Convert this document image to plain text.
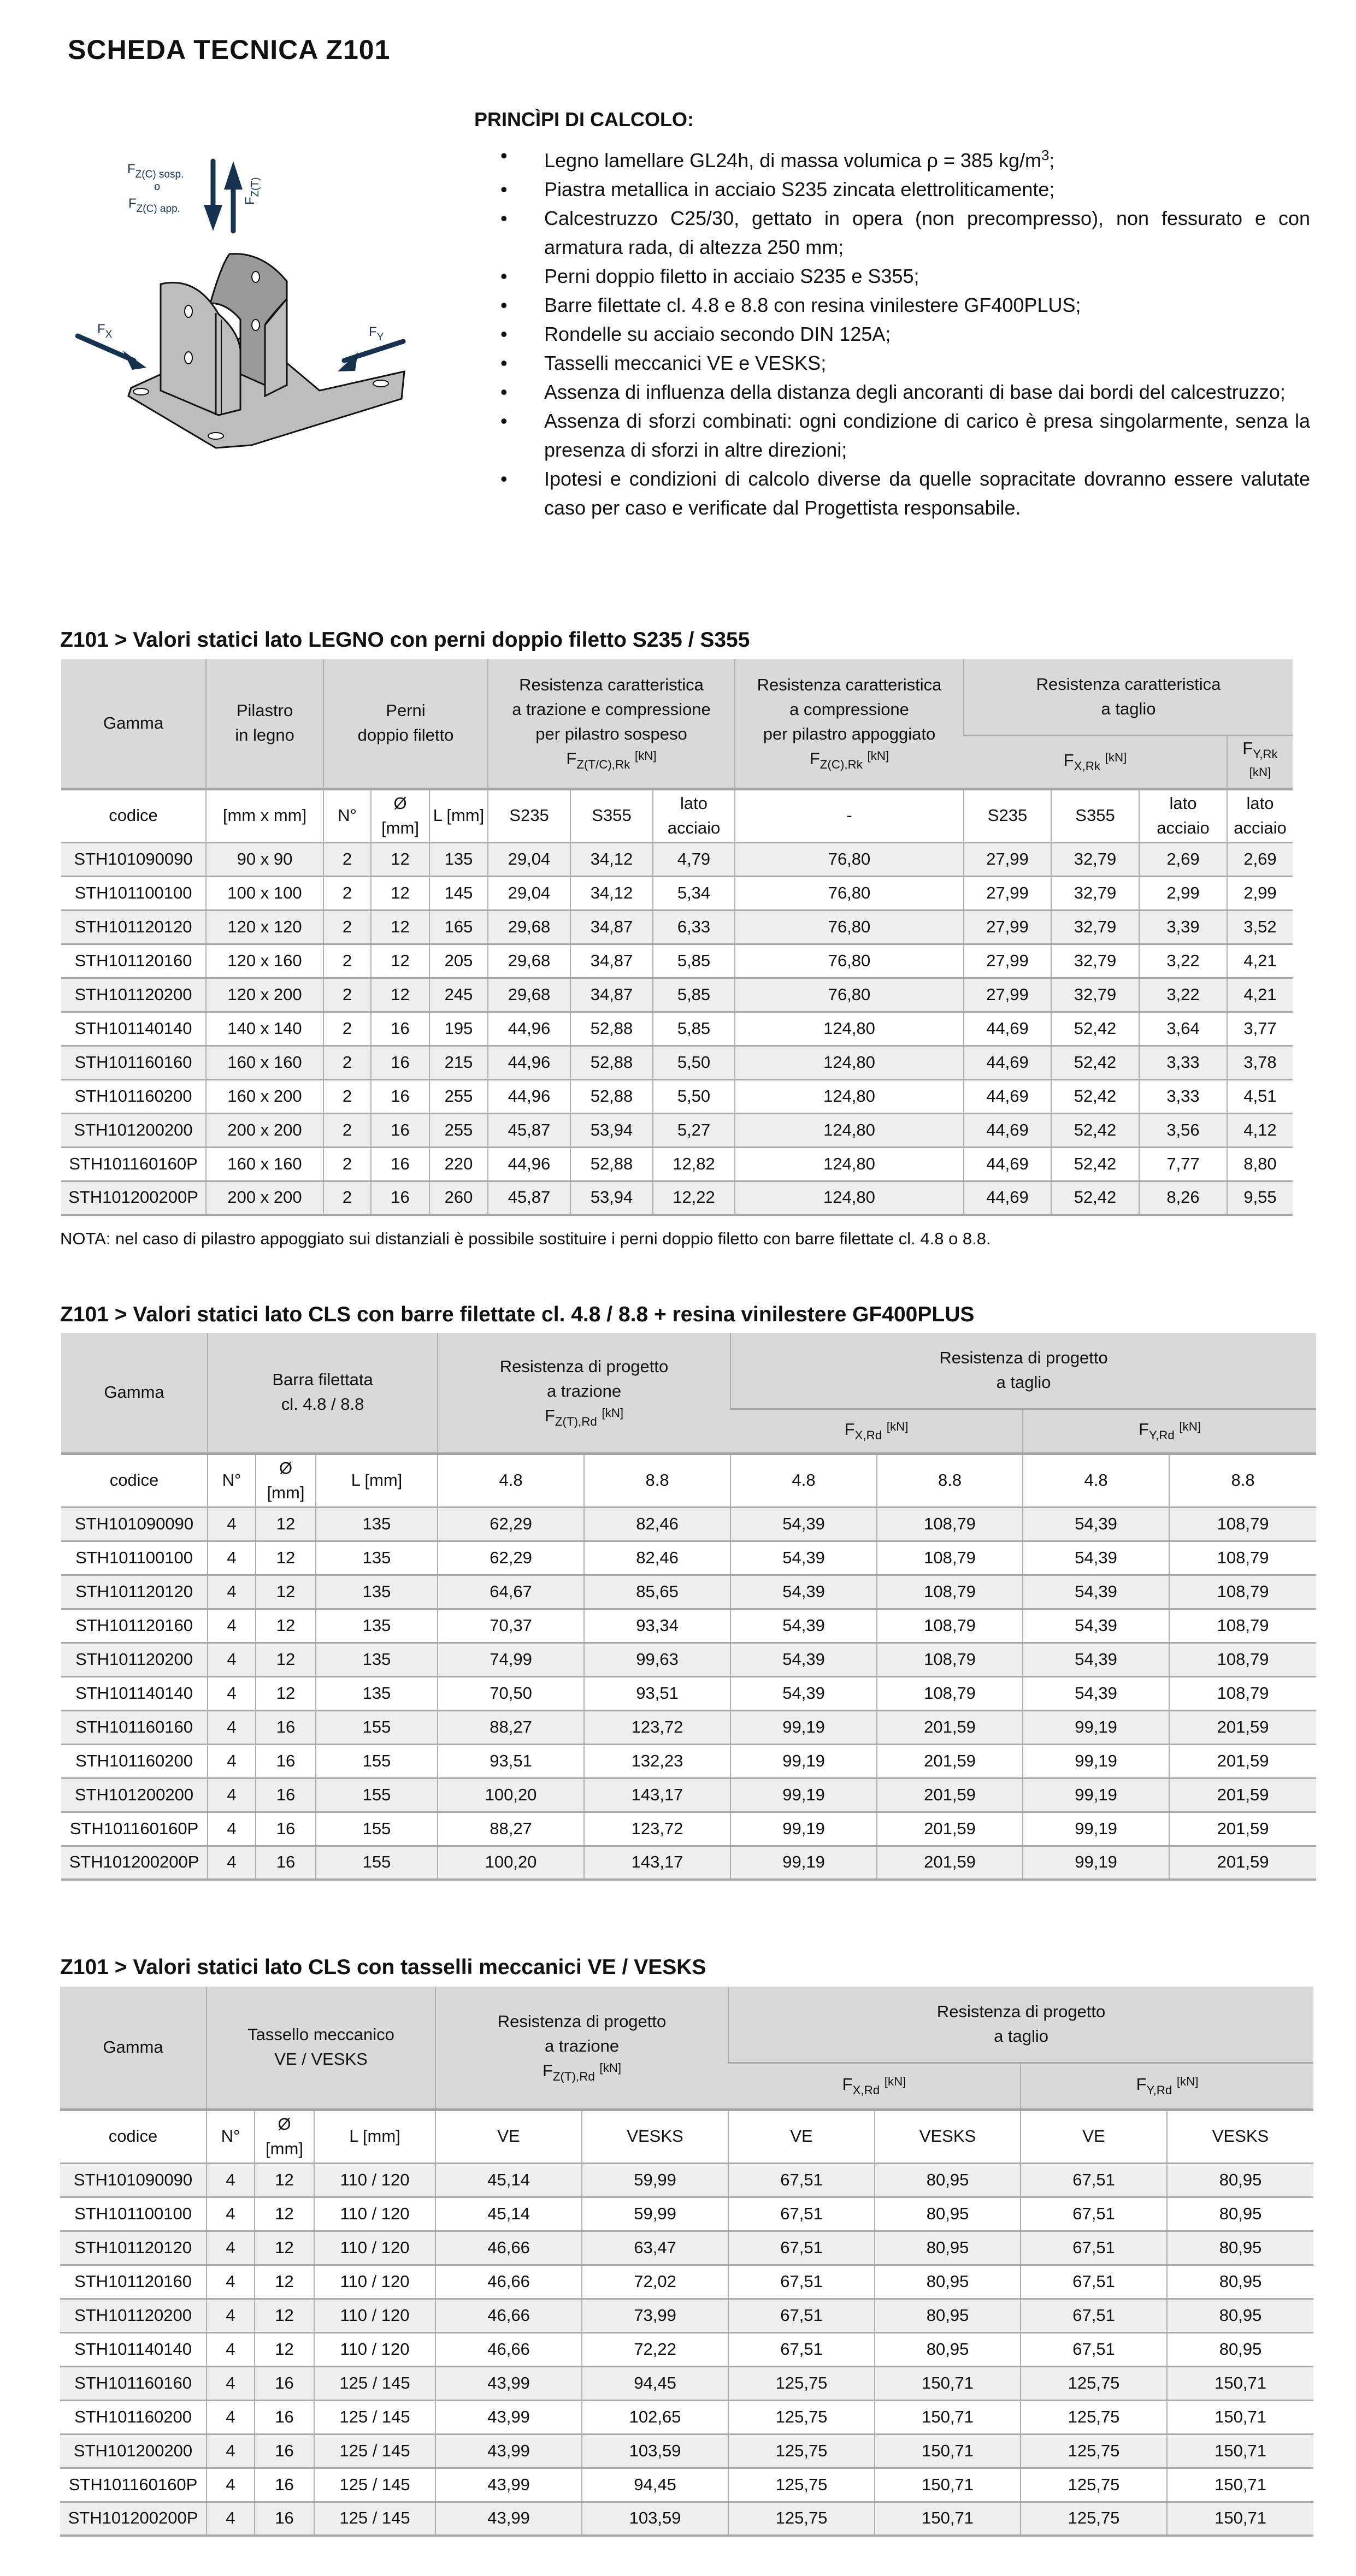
SCHEDA TECNICA Z101
$F_{Z(C) sosp.}$
o
$F_{Z(C) app.}$
$F_{Z(T)}$
$F_X$	$F_Y$
PRINCÌPI DI CALCOLO:
• Legno lamellare GL24h, di massa volumica ρ = 385 $kg/m^3$;
• Piastra metallica in acciaio S235 zincata elettroliticamente;
• Calcestruzzo C25/30, gettato in opera (non precompresso), non fessurato e con armatura rada, di altezza 250 mm;
• Perni doppio filetto in acciaio S235 e S355;
• Barre filettate cl. 4.8 e 8.8 con resina vinilestere GF400PLUS;
• Rondelle su acciaio secondo DIN 125A;
• Tasselli meccanici VE e VESKS;
• Assenza di influenza della distanza degli ancoranti di base dai bordi del calcestruzzo;
• Assenza di sforzi combinati: ogni condizione di carico è presa singolarmente, senza la presenza di sforzi in altre direzioni;
• Ipotesi e condizioni di calcolo diverse da quelle sopracitate dovranno essere valutate caso per caso e verificate dal Progettista responsabile.
Z101 > Valori statici lato LEGNO con perni doppio filetto S235 / S355
Gamma	Pilastro
in legno	Perni
doppio filetto			Resistenza caratteristica
a trazione e compressione
per pilastro sospeso
$F_{Z(T/C),Rk}$ [kN]			Resistenza caratteristica
a compressione
per pilastro appoggiato
$F_{Z(C),Rk}$ [kN]	Resistenza caratteristica
a taglio			
									$F_{X,Rk}$ [kN]			$F_{Y,Rk}$ [kN]
codice	[mm x mm]	N°	Ø [mm]	L [mm]	S235	S355	lato acciaio	-	S235	S355	lato acciaio	lato acciaio
STH101090090	90 x 90	2	12	135	29,04	34,12	4,79	76,80	27,99	32,79	2,69	2,69
STH101100100	100 x 100	2	12	145	29,04	34,12	5,34	76,80	27,99	32,79	2,99	2,99
STH101120120	120 x 120	2	12	165	29,68	34,87	6,33	76,80	27,99	32,79	3,39	3,52
STH101120160	120 x 160	2	12	205	29,68	34,87	5,85	76,80	27,99	32,79	3,22	4,21
STH101120200	120 x 200	2	12	245	29,68	34,87	5,85	76,80	27,99	32,79	3,22	4,21
STH101140140	140 x 140	2	16	195	44,96	52,88	5,85	124,80	44,69	52,42	3,64	3,77
STH101160160	160 x 160	2	16	215	44,96	52,88	5,50	124,80	44,69	52,42	3,33	3,78
STH101160200	160 x 200	2	16	255	44,96	52,88	5,50	124,80	44,69	52,42	3,33	4,51
STH101200200	200 x 200	2	16	255	45,87	53,94	5,27	124,80	44,69	52,42	3,56	4,12
STH101160160P	160 x 160	2	16	220	44,96	52,88	12,82	124,80	44,69	52,42	7,77	8,80
STH101200200P	200 x 200	2	16	260	45,87	53,94	12,22	124,80	44,69	52,42	8,26	9,55
NOTA: nel caso di pilastro appoggiato sui distanziali è possibile sostituire i perni doppio filetto con barre filettate cl. 4.8 o 8.8.
Z101 > Valori statici lato CLS con barre filettate cl. 4.8 / 8.8 + resina vinilestere GF400PLUS
Gamma	Barra filettata
cl. 4.8 / 8.8			Resistenza di progetto
a trazione
$F_{Z(T),Rd}$ [kN]		Resistenza di progetto
a taglio			
						$F_{X,Rd}$ [kN]		$F_{Y,Rd}$ [kN]
codice	N°	Ø [mm]	L [mm]	4.8	8.8	4.8	8.8	4.8	8.8
STH101090090	4	12	135	62,29	82,46	54,39	108,79	54,39	108,79
STH101100100	4	12	135	62,29	82,46	54,39	108,79	54,39	108,79
STH101120120	4	12	135	64,67	85,65	54,39	108,79	54,39	108,79
STH101120160	4	12	135	70,37	93,34	54,39	108,79	54,39	108,79
STH101120200	4	12	135	74,99	99,63	54,39	108,79	54,39	108,79
STH101140140	4	12	135	70,50	93,51	54,39	108,79	54,39	108,79
STH101160160	4	16	155	88,27	123,72	99,19	201,59	99,19	201,59
STH101160200	4	16	155	93,51	132,23	99,19	201,59	99,19	201,59
STH101200200	4	16	155	100,20	143,17	99,19	201,59	99,19	201,59
STH101160160P	4	16	155	88,27	123,72	99,19	201,59	99,19	201,59
STH101200200P	4	16	155	100,20	143,17	99,19	201,59	99,19	201,59
Z101 > Valori statici lato CLS con tasselli meccanici VE / VESKS
Gamma	Tassello meccanico
VE / VESKS			Resistenza di progetto
a trazione
$F_{Z(T),Rd}$ [kN]		Resistenza di progetto
a taglio			
						$F_{X,Rd}$ [kN]		$F_{Y,Rd}$ [kN]
codice	N°	Ø [mm]	L [mm]	VE	VESKS	VE	VESKS	VE	VESKS
STH101090090	4	12	110 / 120	45,14	59,99	67,51	80,95	67,51	80,95
STH101100100	4	12	110 / 120	45,14	59,99	67,51	80,95	67,51	80,95
STH101120120	4	12	110 / 120	46,66	63,47	67,51	80,95	67,51	80,95
STH101120160	4	12	110 / 120	46,66	72,02	67,51	80,95	67,51	80,95
STH101120200	4	12	110 / 120	46,66	73,99	67,51	80,95	67,51	80,95
STH101140140	4	12	110 / 120	46,66	72,22	67,51	80,95	67,51	80,95
STH101160160	4	16	125 / 145	43,99	94,45	125,75	150,71	125,75	150,71
STH101160200	4	16	125 / 145	43,99	102,65	125,75	150,71	125,75	150,71
STH101200200	4	16	125 / 145	43,99	103,59	125,75	150,71	125,75	150,71
STH101160160P	4	16	125 / 145	43,99	94,45	125,75	150,71	125,75	150,71
STH101200200P	4	16	125 / 145	43,99	103,59	125,75	150,71	125,75	150,71
